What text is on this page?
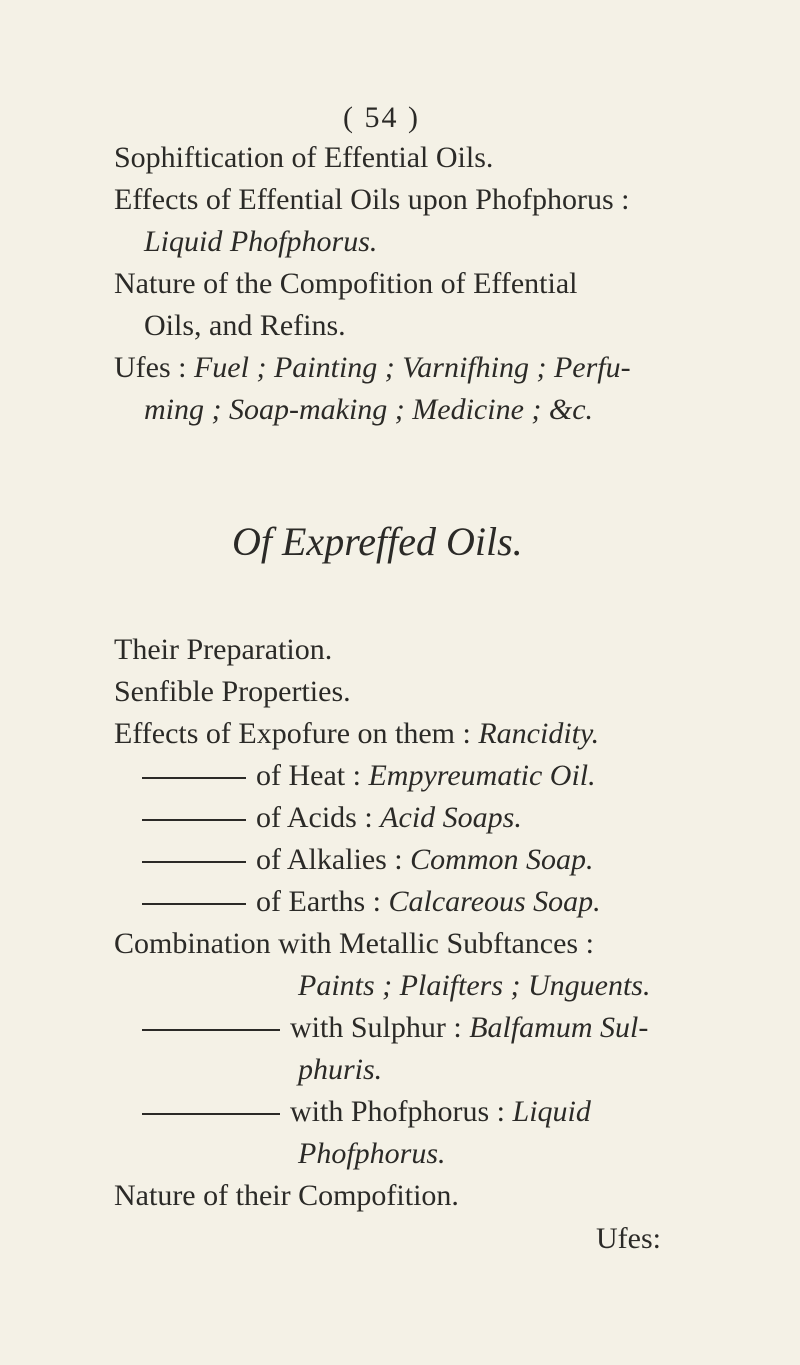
( 54 )
Sophiftication of Effential Oils.
Effects of Effential Oils upon Phofphorus :
Liquid Phofphorus.
Nature of the Compofition of Effential
Oils, and Refins.
Ufes : Fuel ; Painting ; Varnifhing ; Perfu-
ming ; Soap-making ; Medicine ; &c.
Of Expreffed Oils.
Their Preparation.
Senfible Properties.
Effects of Expofure on them : Rancidity.
of Heat : Empyreumatic Oil.
of Acids : Acid Soaps.
of Alkalies : Common Soap.
of Earths : Calcareous Soap.
Combination with Metallic Subftances :
Paints ; Plaifters ; Unguents.
with Sulphur : Balfamum Sul-
phuris.
with Phofphorus : Liquid
Phofphorus.
Nature of their Compofition.
Ufes:
